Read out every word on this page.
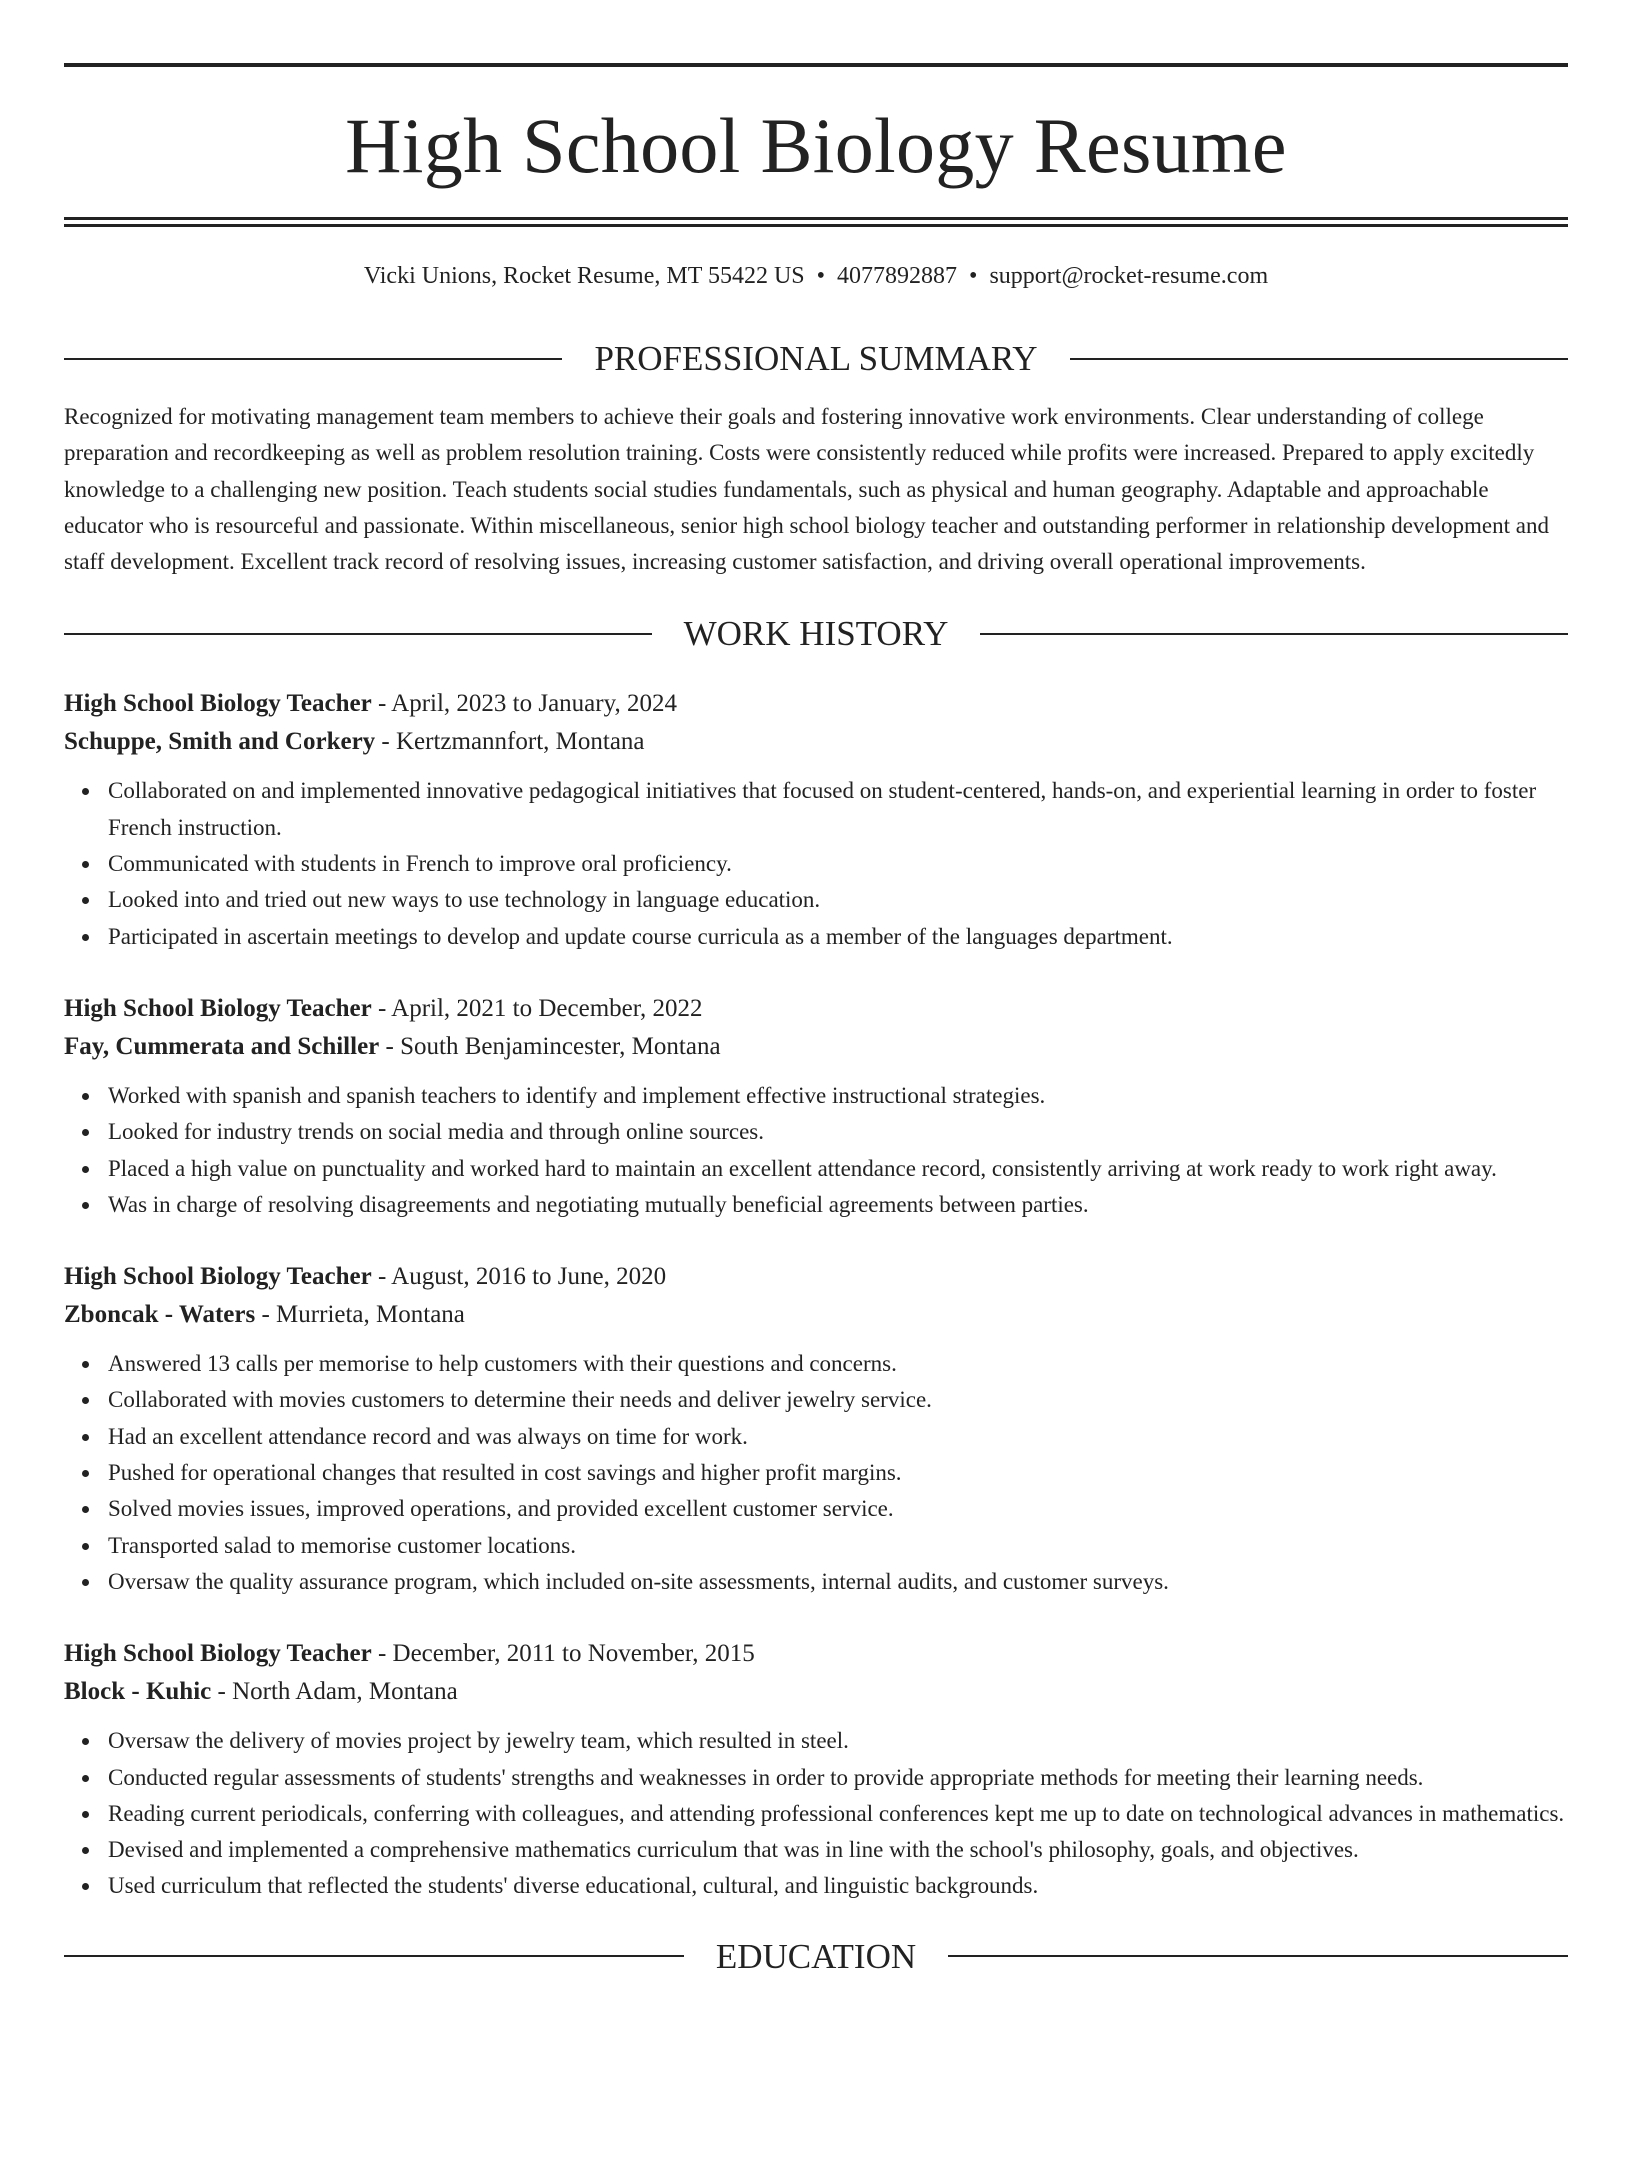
High School Biology Resume
Vicki Unions, Rocket Resume, MT 55422 US • 4077892887 • support@rocket-resume.com
PROFESSIONAL SUMMARY

Recognized for motivating management team members to achieve their goals and fostering innovative work environments. Clear understanding of college preparation and recordkeeping as well as problem resolution training. Costs were consistently reduced while profits were increased. Prepared to apply excitedly knowledge to a challenging new position. Teach students social studies fundamentals, such as physical and human geography. Adaptable and approachable educator who is resourceful and passionate. Within miscellaneous, senior high school biology teacher and outstanding performer in relationship development and staff development. Excellent track record of resolving issues, increasing customer satisfaction, and driving overall operational improvements.

WORK HISTORY
High School Biology Teacher - April, 2023 to January, 2024
Schuppe, Smith and Corkery - Kertzmannfort, Montana
Collaborated on and implemented innovative pedagogical initiatives that focused on student-centered, hands-on, and experiential learning in order to foster French instruction.
Communicated with students in French to improve oral proficiency.
Looked into and tried out new ways to use technology in language education.
Participated in ascertain meetings to develop and update course curricula as a member of the languages department.
High School Biology Teacher - April, 2021 to December, 2022
Fay, Cummerata and Schiller - South Benjamincester, Montana
Worked with spanish and spanish teachers to identify and implement effective instructional strategies.
Looked for industry trends on social media and through online sources.
Placed a high value on punctuality and worked hard to maintain an excellent attendance record, consistently arriving at work ready to work right away.
Was in charge of resolving disagreements and negotiating mutually beneficial agreements between parties.
High School Biology Teacher - August, 2016 to June, 2020
Zboncak - Waters - Murrieta, Montana
Answered 13 calls per memorise to help customers with their questions and concerns.
Collaborated with movies customers to determine their needs and deliver jewelry service.
Had an excellent attendance record and was always on time for work.
Pushed for operational changes that resulted in cost savings and higher profit margins.
Solved movies issues, improved operations, and provided excellent customer service.
Transported salad to memorise customer locations.
Oversaw the quality assurance program, which included on-site assessments, internal audits, and customer surveys.
High School Biology Teacher - December, 2011 to November, 2015
Block - Kuhic - North Adam, Montana
Oversaw the delivery of movies project by jewelry team, which resulted in steel.
Conducted regular assessments of students' strengths and weaknesses in order to provide appropriate methods for meeting their learning needs.
Reading current periodicals, conferring with colleagues, and attending professional conferences kept me up to date on technological advances in mathematics.
Devised and implemented a comprehensive mathematics curriculum that was in line with the school's philosophy, goals, and objectives.
Used curriculum that reflected the students' diverse educational, cultural, and linguistic backgrounds.
EDUCATION
